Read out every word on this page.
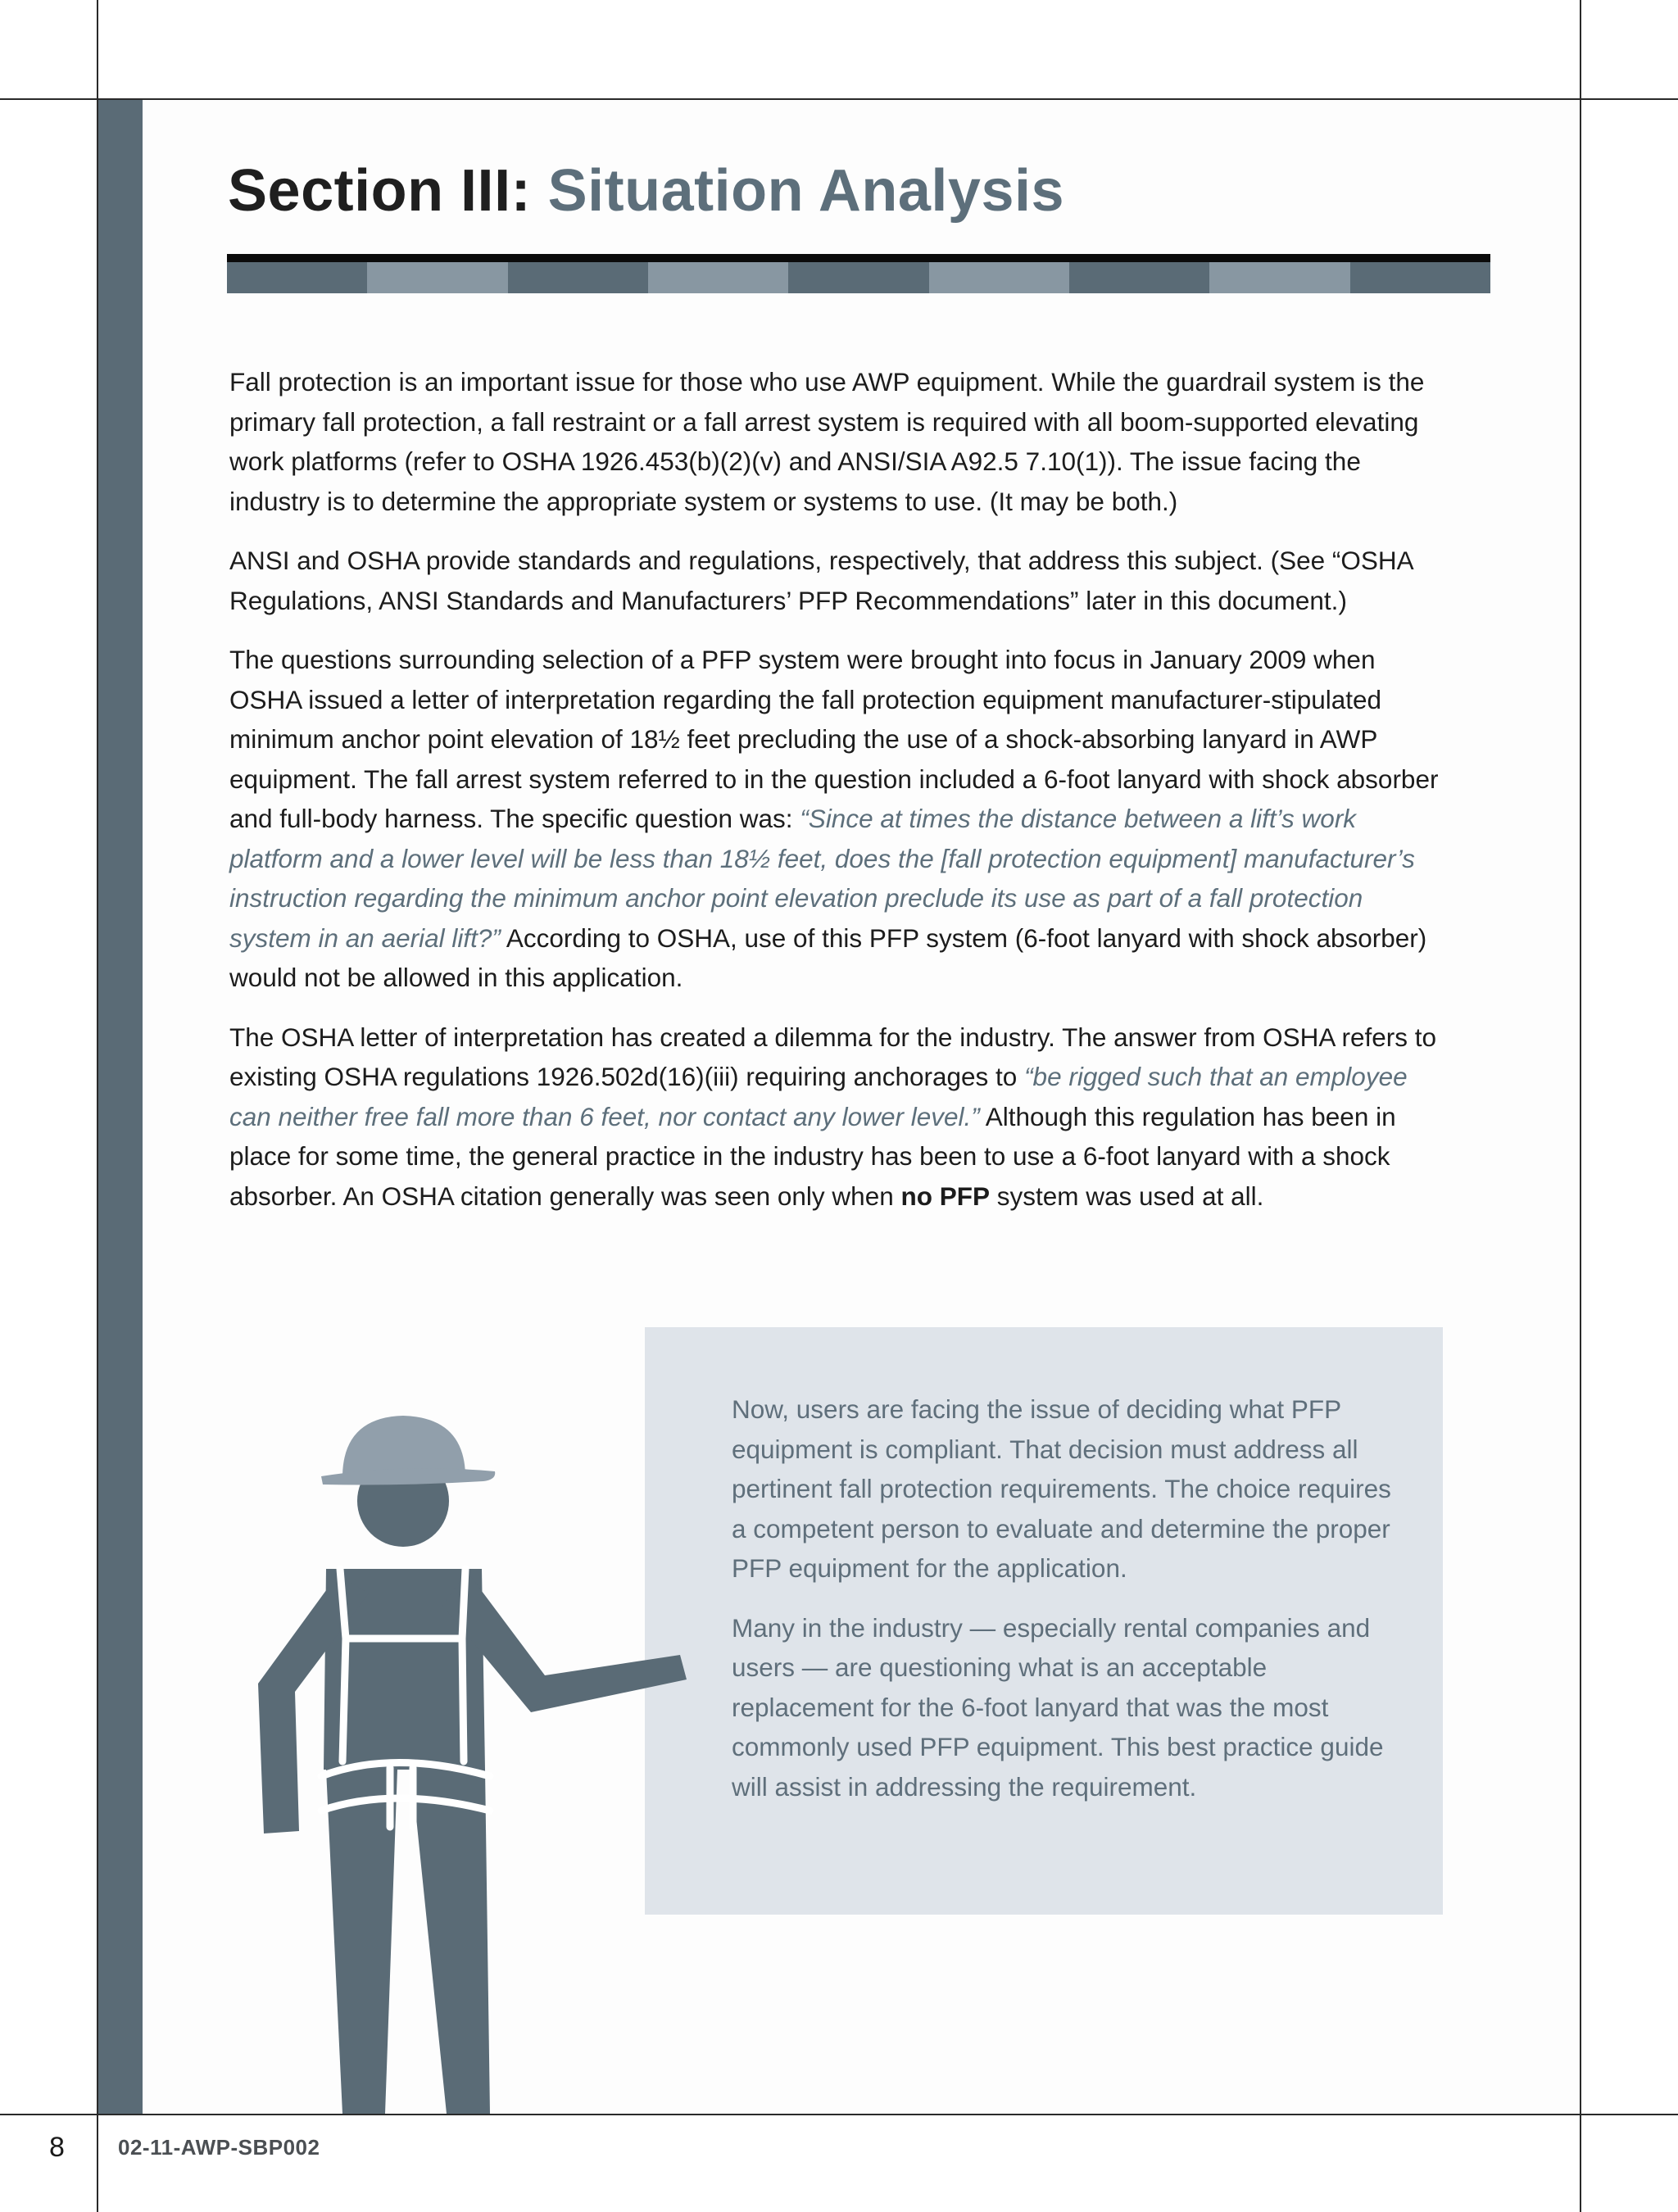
Section III: Situation Analysis

Fall protection is an important issue for those who use AWP equipment. While the guardrail system is the primary fall protection, a fall restraint or a fall arrest system is required with all boom-supported elevating work platforms (refer to OSHA 1926.453(b)(2)(v) and ANSI/SIA A92.5 7.10(1)). The issue facing the industry is to determine the appropriate system or systems to use. (It may be both.)

ANSI and OSHA provide standards and regulations, respectively, that address this subject. (See “OSHA Regulations, ANSI Standards and Manufacturers’ PFP Recommendations” later in this document.)

The questions surrounding selection of a PFP system were brought into focus in January 2009 when OSHA issued a letter of interpretation regarding the fall protection equipment manufacturer-stipulated minimum anchor point elevation of 18½ feet precluding the use of a shock-absorbing lanyard in AWP equipment. The fall arrest system referred to in the question included a 6-foot lanyard with shock absorber and full-body harness. The specific question was: “Since at times the distance between a lift’s work platform and a lower level will be less than 18½ feet, does the [fall protection equipment] manufacturer’s instruction regarding the minimum anchor point elevation preclude its use as part of a fall protection system in an aerial lift?” According to OSHA, use of this PFP system (6-foot lanyard with shock absorber) would not be allowed in this application.

The OSHA letter of interpretation has created a dilemma for the industry. The answer from OSHA refers to existing OSHA regulations 1926.502d(16)(iii) requiring anchorages to “be rigged such that an employee can neither free fall more than 6 feet, nor contact any lower level.” Although this regulation has been in place for some time, the general practice in the industry has been to use a 6-foot lanyard with a shock absorber. An OSHA citation generally was seen only when no PFP system was used at all.

Now, users are facing the issue of deciding what PFP equipment is compliant. That decision must address all pertinent fall protection requirements. The choice requires a competent person to evaluate and determine the proper PFP equipment for the application.

Many in the industry — especially rental companies and users — are questioning what is an acceptable replacement for the 6-foot lanyard that was the most commonly used PFP equipment. This best practice guide will assist in addressing the requirement.

8	02-11-AWP-SBP002
